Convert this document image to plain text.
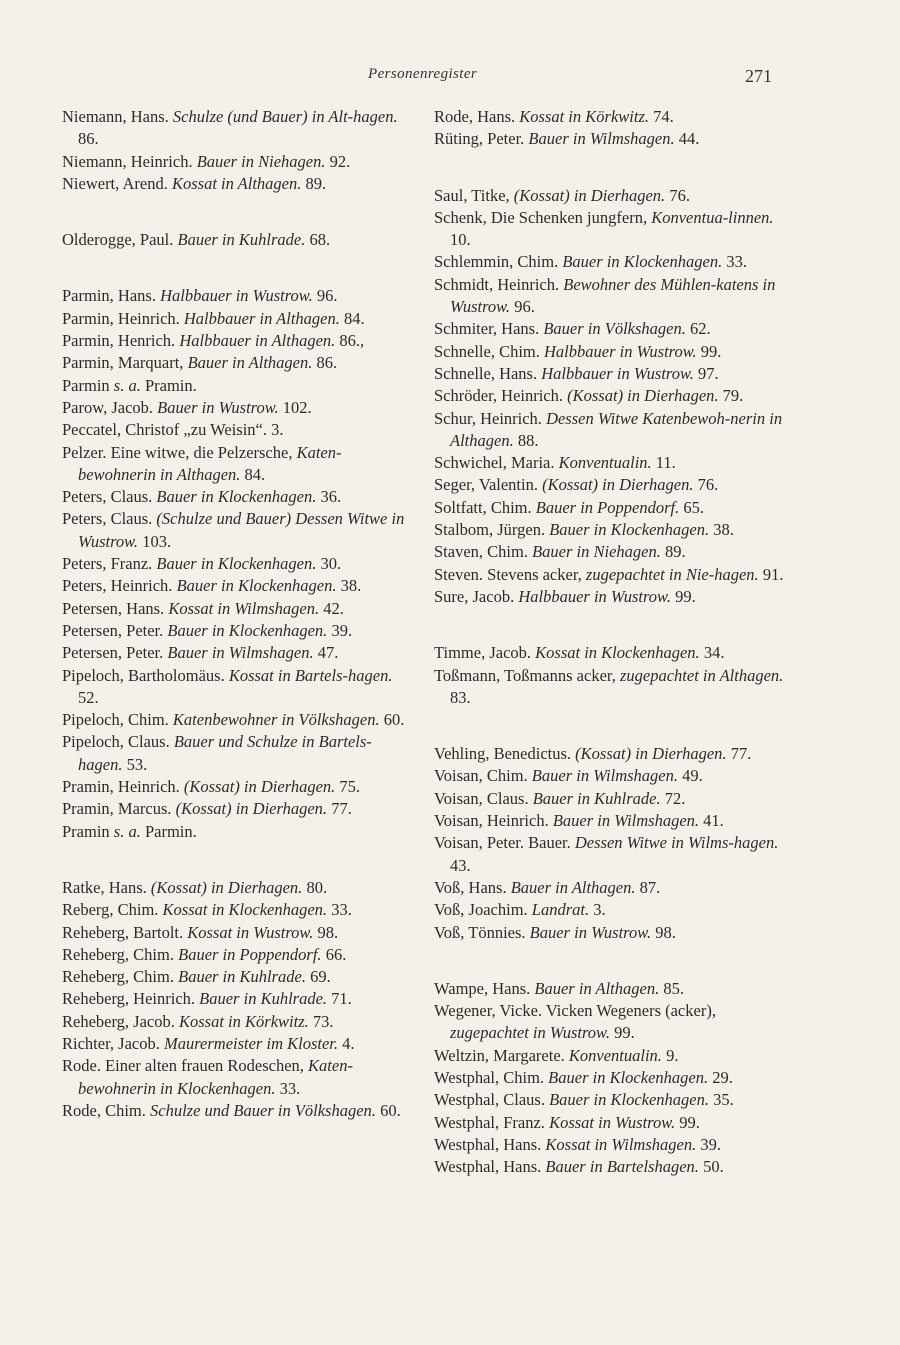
Personenregister	271

Niemann, Hans. Schulze (und Bauer) in Alt-hagen. 86.

Niemann, Heinrich. Bauer in Niehagen. 92.

Niewert, Arend. Kossat in Althagen. 89.

Olderogge, Paul. Bauer in Kuhlrade. 68.

Parmin, Hans. Halbbauer in Wustrow. 96.

Parmin, Heinrich. Halbbauer in Althagen. 84.

Parmin, Henrich. Halbbauer in Althagen. 86.,

Parmin, Marquart, Bauer in Althagen. 86.

Parmin s. a. Pramin.

Parow, Jacob. Bauer in Wustrow. 102.

Peccatel, Christof „zu Weisin“. 3.

Pelzer. Eine witwe, die Pelzersche, Katen-bewohnerin in Althagen. 84.

Peters, Claus. Bauer in Klockenhagen. 36.

Peters, Claus. (Schulze und Bauer) Dessen Witwe in Wustrow. 103.

Peters, Franz. Bauer in Klockenhagen. 30.

Peters, Heinrich. Bauer in Klockenhagen. 38.

Petersen, Hans. Kossat in Wilmshagen. 42.

Petersen, Peter. Bauer in Klockenhagen. 39.

Petersen, Peter. Bauer in Wilmshagen. 47.

Pipeloch, Bartholomäus. Kossat in Bartels-hagen. 52.

Pipeloch, Chim. Katenbewohner in Völkshagen. 60.

Pipeloch, Claus. Bauer und Schulze in Bartels-hagen. 53.

Pramin, Heinrich. (Kossat) in Dierhagen. 75.

Pramin, Marcus. (Kossat) in Dierhagen. 77.

Pramin s. a. Parmin.

Ratke, Hans. (Kossat) in Dierhagen. 80.

Reberg, Chim. Kossat in Klockenhagen. 33.

Reheberg, Bartolt. Kossat in Wustrow. 98.

Reheberg, Chim. Bauer in Poppendorf. 66.

Reheberg, Chim. Bauer in Kuhlrade. 69.

Reheberg, Heinrich. Bauer in Kuhlrade. 71.

Reheberg, Jacob. Kossat in Körkwitz. 73.

Richter, Jacob. Maurermeister im Kloster. 4.

Rode. Einer alten frauen Rodeschen, Katen-bewohnerin in Klockenhagen. 33.

Rode, Chim. Schulze und Bauer in Völkshagen. 60.

Rode, Hans. Kossat in Körkwitz. 74.

Rüting, Peter. Bauer in Wilmshagen. 44.

Saul, Titke, (Kossat) in Dierhagen. 76.

Schenk, Die Schenken jungfern, Konventua-linnen. 10.

Schlemmin, Chim. Bauer in Klockenhagen. 33.

Schmidt, Heinrich. Bewohner des Mühlen-katens in Wustrow. 96.

Schmiter, Hans. Bauer in Völkshagen. 62.

Schnelle, Chim. Halbbauer in Wustrow. 99.

Schnelle, Hans. Halbbauer in Wustrow. 97.

Schröder, Heinrich. (Kossat) in Dierhagen. 79.

Schur, Heinrich. Dessen Witwe Katenbewoh-nerin in Althagen. 88.

Schwichel, Maria. Konventualin. 11.

Seger, Valentin. (Kossat) in Dierhagen. 76.

Soltfatt, Chim. Bauer in Poppendorf. 65.

Stalbom, Jürgen. Bauer in Klockenhagen. 38.

Staven, Chim. Bauer in Niehagen. 89.

Steven. Stevens acker, zugepachtet in Nie-hagen. 91.

Sure, Jacob. Halbbauer in Wustrow. 99.

Timme, Jacob. Kossat in Klockenhagen. 34.

Toßmann, Toßmanns acker, zugepachtet in Althagen. 83.

Vehling, Benedictus. (Kossat) in Dierhagen. 77.

Voisan, Chim. Bauer in Wilmshagen. 49.

Voisan, Claus. Bauer in Kuhlrade. 72.

Voisan, Heinrich. Bauer in Wilmshagen. 41.

Voisan, Peter. Bauer. Dessen Witwe in Wilms-hagen. 43.

Voß, Hans. Bauer in Althagen. 87.

Voß, Joachim. Landrat. 3.

Voß, Tönnies. Bauer in Wustrow. 98.

Wampe, Hans. Bauer in Althagen. 85.

Wegener, Vicke. Vicken Wegeners (acker), zugepachtet in Wustrow. 99.

Weltzin, Margarete. Konventualin. 9.

Westphal, Chim. Bauer in Klockenhagen. 29.

Westphal, Claus. Bauer in Klockenhagen. 35.

Westphal, Franz. Kossat in Wustrow. 99.

Westphal, Hans. Kossat in Wilmshagen. 39.

Westphal, Hans. Bauer in Bartelshagen. 50.
